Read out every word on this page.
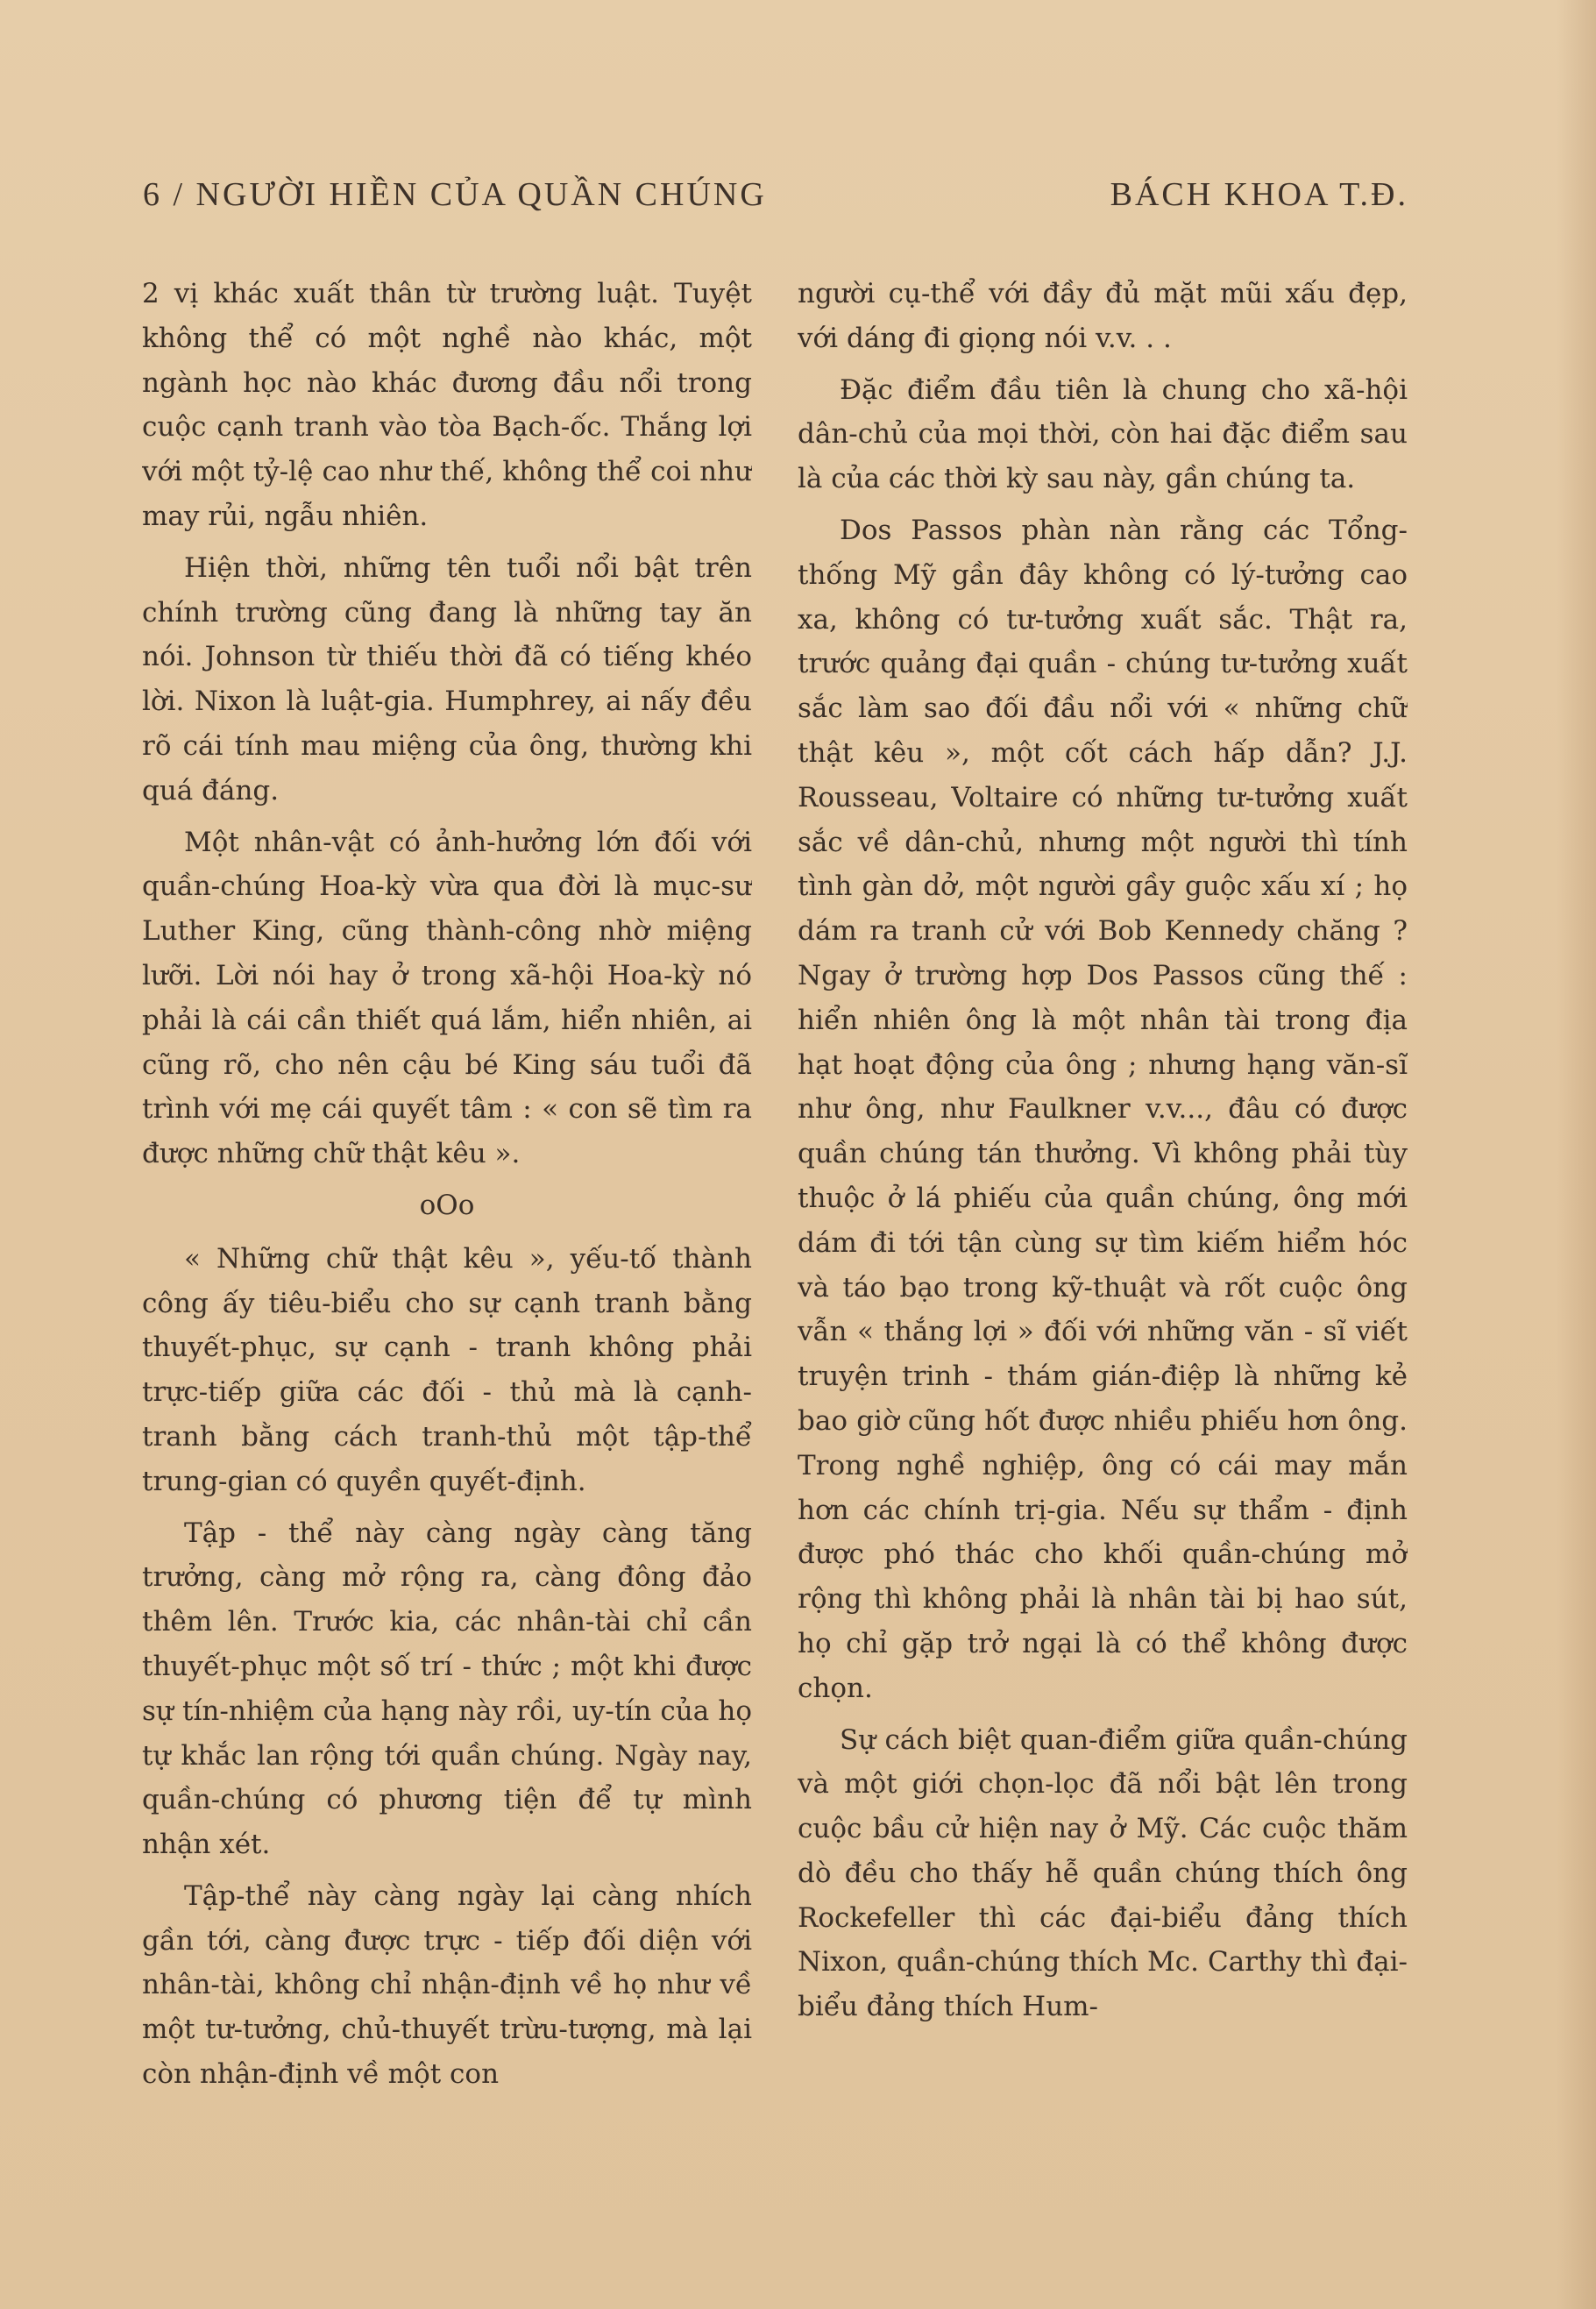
6 / NGƯỜI HIỀN CỦA QUẦN CHÚNG	BÁCH KHOA T.Đ.

2 vị khác xuất thân từ trường luật. Tuyệt không thể có một nghề nào khác, một ngành học nào khác đương đầu nổi trong cuộc cạnh tranh vào tòa Bạch-ốc. Thắng lợi với một tỷ-lệ cao như thế, không thể coi như may rủi, ngẫu nhiên.

Hiện thời, những tên tuổi nổi bật trên chính trường cũng đang là những tay ăn nói. Johnson từ thiếu thời đã có tiếng khéo lời. Nixon là luật-gia. Humphrey, ai nấy đều rõ cái tính mau miệng của ông, thường khi quá đáng.

Một nhân-vật có ảnh-hưởng lớn đối với quần-chúng Hoa-kỳ vừa qua đời là mục-sư Luther King, cũng thành-công nhờ miệng lưỡi. Lời nói hay ở trong xã-hội Hoa-kỳ nó phải là cái cần thiết quá lắm, hiển nhiên, ai cũng rõ, cho nên cậu bé King sáu tuổi đã trình với mẹ cái quyết tâm : « con sẽ tìm ra được những chữ thật kêu ».

oOo

« Những chữ thật kêu », yếu-tố thành công ấy tiêu-biểu cho sự cạnh tranh bằng thuyết-phục, sự cạnh - tranh không phải trực-tiếp giữa các đối - thủ mà là cạnh-tranh bằng cách tranh-thủ một tập-thể trung-gian có quyền quyết-định.

Tập - thể này càng ngày càng tăng trưởng, càng mở rộng ra, càng đông đảo thêm lên. Trước kia, các nhân-tài chỉ cần thuyết-phục một số trí - thức ; một khi được sự tín-nhiệm của hạng này rồi, uy-tín của họ tự khắc lan rộng tới quần chúng. Ngày nay, quần-chúng có phương tiện để tự mình nhận xét.

Tập-thể này càng ngày lại càng nhích gần tới, càng được trực - tiếp đối diện với nhân-tài, không chỉ nhận-định về họ như về một tư-tưởng, chủ-thuyết trừu-tượng, mà lại còn nhận-định về một con

người cụ-thể với đầy đủ mặt mũi xấu đẹp, với dáng đi giọng nói v.v. . .

Đặc điểm đầu tiên là chung cho xã-hội dân-chủ của mọi thời, còn hai đặc điểm sau là của các thời kỳ sau này, gần chúng ta.

Dos Passos phàn nàn rằng các Tổng-thống Mỹ gần đây không có lý-tưởng cao xa, không có tư-tưởng xuất sắc. Thật ra, trước quảng đại quần - chúng tư-tưởng xuất sắc làm sao đối đầu nổi với « những chữ thật kêu », một cốt cách hấp dẫn? J.J. Rousseau, Voltaire có những tư-tưởng xuất sắc về dân-chủ, nhưng một người thì tính tình gàn dở, một người gầy guộc xấu xí ; họ dám ra tranh cử với Bob Kennedy chăng ? Ngay ở trường hợp Dos Passos cũng thế : hiển nhiên ông là một nhân tài trong địa hạt hoạt động của ông ; nhưng hạng văn-sĩ như ông, như Faulkner v.v..., đâu có được quần chúng tán thưởng. Vì không phải tùy thuộc ở lá phiếu của quần chúng, ông mới dám đi tới tận cùng sự tìm kiếm hiểm hóc và táo bạo trong kỹ-thuật và rốt cuộc ông vẫn « thắng lợi » đối với những văn - sĩ viết truyện trinh - thám gián-điệp là những kẻ bao giờ cũng hốt được nhiều phiếu hơn ông. Trong nghề nghiệp, ông có cái may mắn hơn các chính trị-gia. Nếu sự thẩm - định được phó thác cho khối quần-chúng mở rộng thì không phải là nhân tài bị hao sút, họ chỉ gặp trở ngại là có thể không được chọn.

Sự cách biệt quan-điểm giữa quần-chúng và một giới chọn-lọc đã nổi bật lên trong cuộc bầu cử hiện nay ở Mỹ. Các cuộc thăm dò đều cho thấy hễ quần chúng thích ông Rockefeller thì các đại-biểu đảng thích Nixon, quần-chúng thích Mc. Carthy thì đại-biểu đảng thích Hum-
